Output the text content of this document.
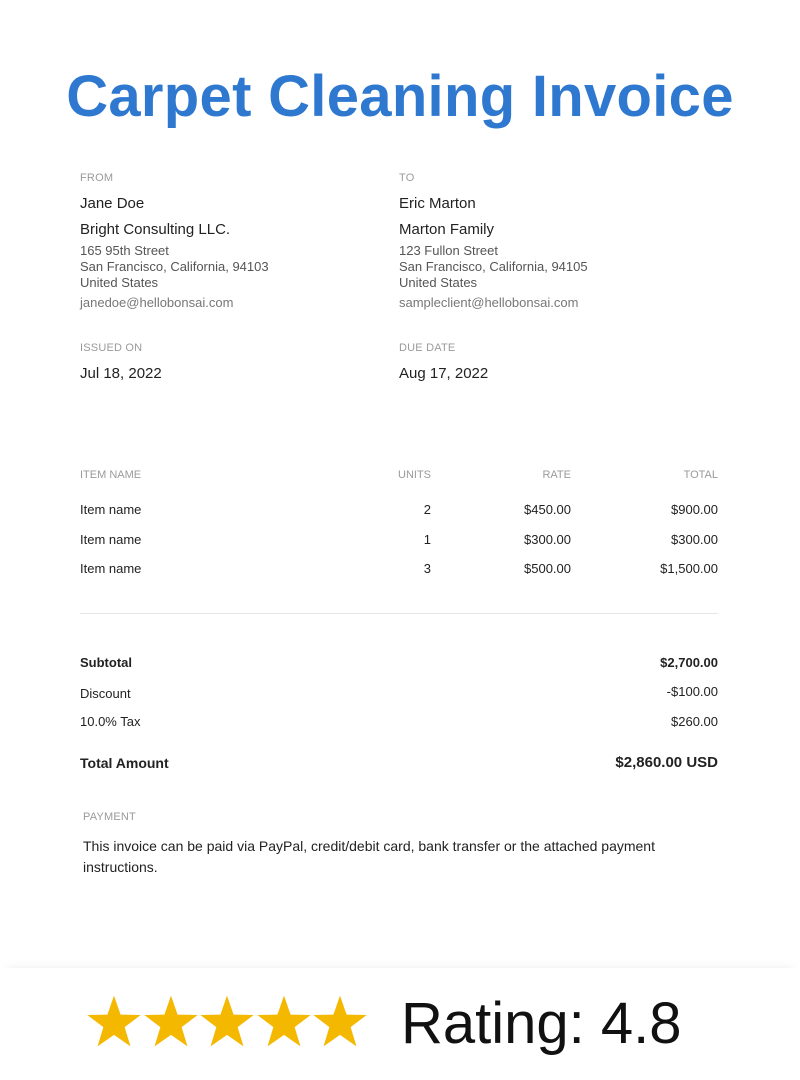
Carpet Cleaning Invoice
FROM
Jane Doe
Bright Consulting LLC.
165 95th Street
San Francisco, California, 94103
United States
janedoe@hellobonsai.com
TO
Eric Marton
Marton Family
123 Fullon Street
San Francisco, California, 94105
United States
sampleclient@hellobonsai.com
ISSUED ON
Jul 18, 2022
DUE DATE
Aug 17, 2022
ITEM NAME	UNITS	RATE	TOTAL
Item name	2	$450.00	$900.00
Item name	1	$300.00	$300.00
Item name	3	$500.00	$1,500.00
Subtotal	$2,700.00
Discount	-$100.00
10.0% Tax	$260.00
Total Amount	$2,860.00 USD
PAYMENT
This invoice can be paid via PayPal, credit/debit card, bank transfer or the attached payment instructions.
Rating: 4.8
